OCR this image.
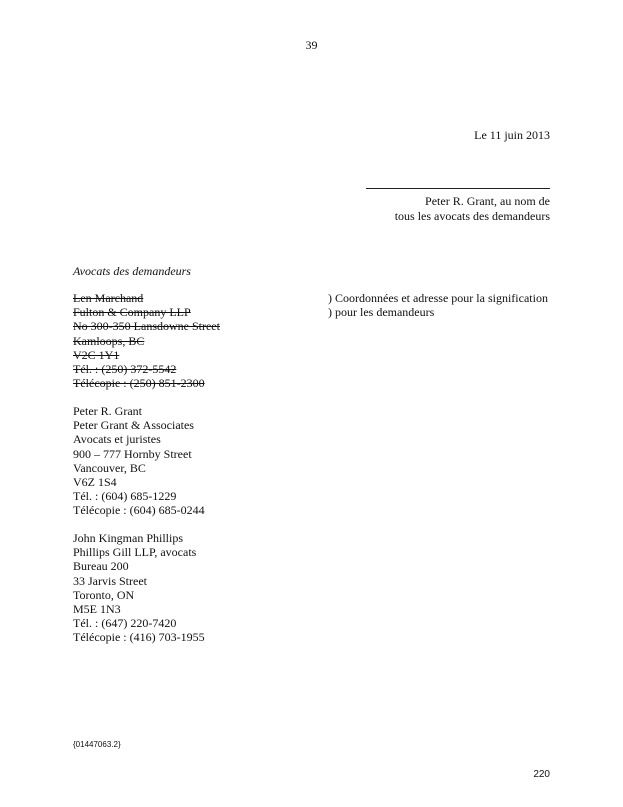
39
Le 11 juin 2013
Peter R. Grant, au nom de
tous les avocats des demandeurs
Avocats des demandeurs
Len Marchand
Fulton & Company LLP
No 300-350 Lansdowne Street
Kamloops, BC
V2C 1Y1
Tél. : (250) 372-5542
Télécopie : (250) 851-2300
) Coordonnées et adresse pour la signification
) pour les demandeurs
Peter R. Grant
Peter Grant & Associates
Avocats et juristes
900 – 777 Hornby Street
Vancouver, BC
V6Z 1S4
Tél. : (604) 685-1229
Télécopie : (604) 685-0244
John Kingman Phillips
Phillips Gill LLP, avocats
Bureau 200
33 Jarvis Street
Toronto, ON
M5E 1N3
Tél. : (647) 220-7420
Télécopie : (416) 703-1955
{01447063.2}
220
